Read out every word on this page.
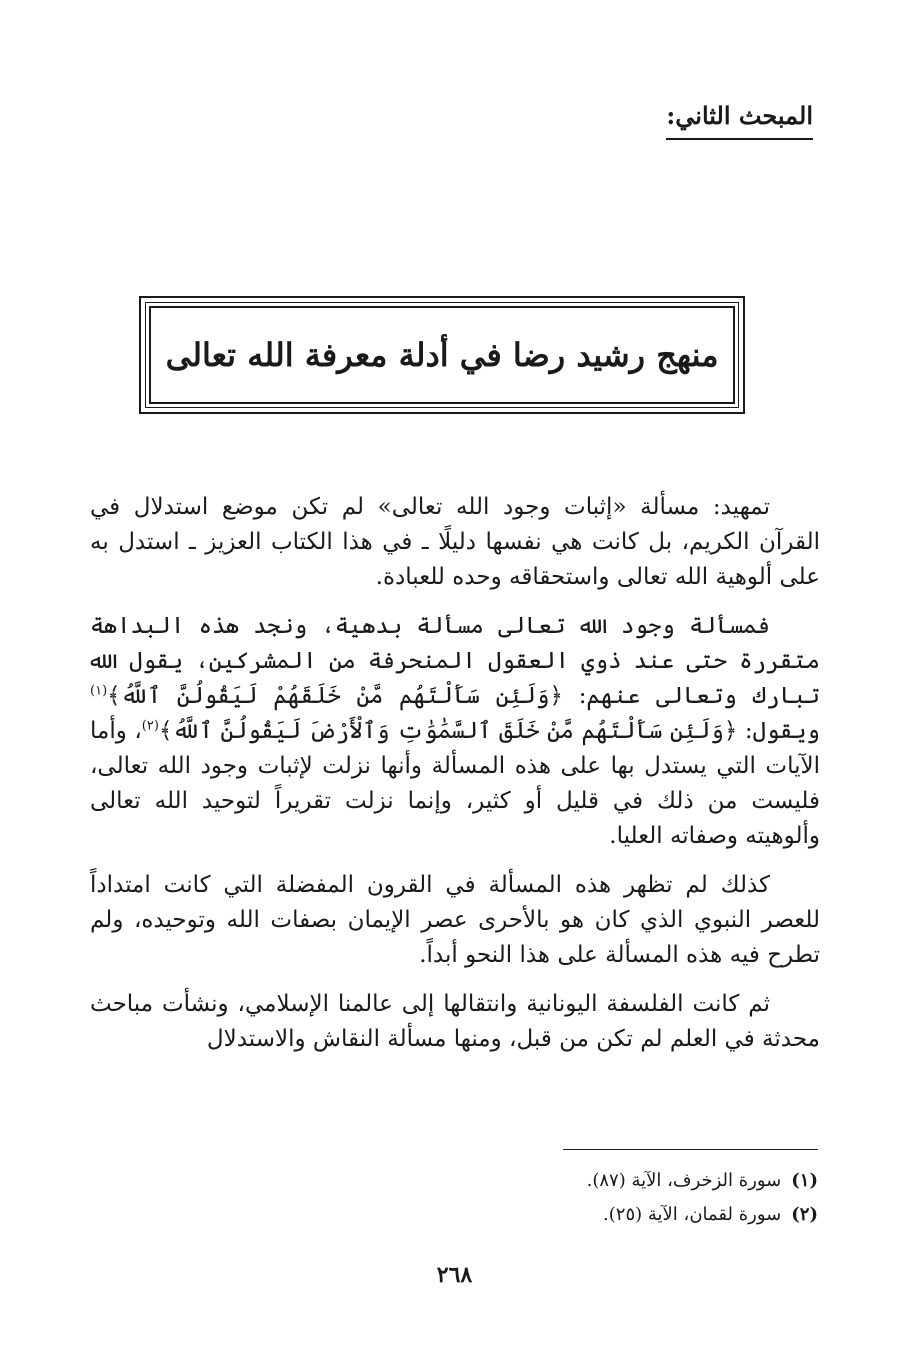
المبحث الثاني:
منهج رشيد رضا في أدلة معرفة الله تعالى

تمهيد: مسألة «إثبات وجود الله تعالى» لم تكن موضع استدلال في القرآن الكريم، بل كانت هي نفسها دليلًا ـ في هذا الكتاب العزيز ـ استدل به على ألوهية الله تعالى واستحقاقه وحده للعبادة.

فمسألة وجود الله تعالى مسألة بدهية، ونجد هذه البداهة متقررة حتى عند ذوي العقول المنحرفة من المشركين، يقول الله تبارك وتعالى عنهم: ﴿وَلَئِن سَأَلْتَهُم مَّنْ خَلَقَهُمْ لَيَقُولُنَّ ٱللَّهُ﴾$^{(١)}$ ويقول: ﴿وَلَئِن سَأَلْتَهُم مَّنْ خَلَقَ ٱلسَّمَٰوَٰتِ وَٱلْأَرْضَ لَيَقُولُنَّ ٱللَّهُ﴾$^{(٢)}$، وأما الآيات التي يستدل بها على هذه المسألة وأنها نزلت لإثبات وجود الله تعالى، فليست من ذلك في قليل أو كثير، وإنما نزلت تقريراً لتوحيد الله تعالى وألوهيته وصفاته العليا.

كذلك لم تظهر هذه المسألة في القرون المفضلة التي كانت امتداداً للعصر النبوي الذي كان هو بالأحرى عصر الإيمان بصفات الله وتوحيده، ولم تطرح فيه هذه المسألة على هذا النحو أبداً.

ثم كانت الفلسفة اليونانية وانتقالها إلى عالمنا الإسلامي، ونشأت مباحث محدثة في العلم لم تكن من قبل، ومنها مسألة النقاش والاستدلال

(١)سورة الزخرف، الآية (٨٧).
(٢)سورة لقمان، الآية (٢٥).
٢٦٨
